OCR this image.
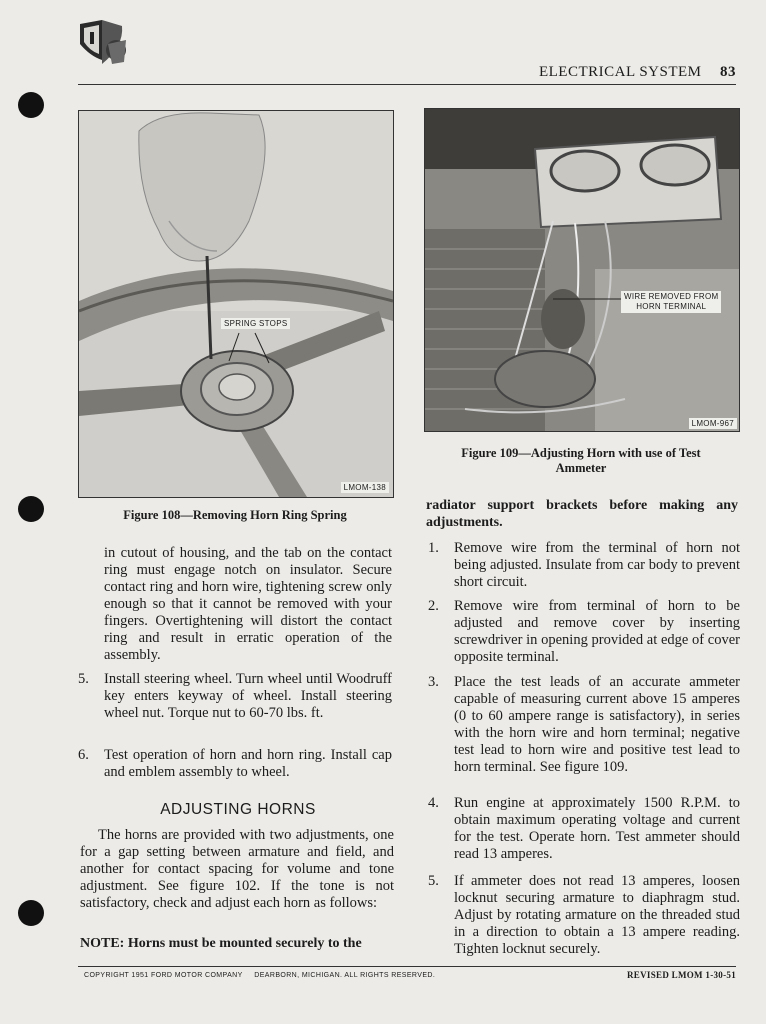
ELECTRICAL SYSTEM 83
SPRING STOPS
LMOM-138
Figure 108—Removing Horn Ring Spring
WIRE REMOVED FROM
HORN TERMINAL
LMOM-967
Figure 109—Adjusting Horn with use of Test
Ammeter
in cutout of housing, and the tab on the contact ring must engage notch on insulator. Secure contact ring and horn wire, tightening screw only enough so that it cannot be removed with your fingers. Overtightening will distort the contact ring and result in erratic operation of the assembly.
5. Install steering wheel. Turn wheel until Woodruff key enters keyway of wheel. Install steering wheel nut. Torque nut to 60-70 lbs. ft.
6. Test operation of horn and horn ring. Install cap and emblem assembly to wheel.
ADJUSTING HORNS
The horns are provided with two adjustments, one for a gap setting between armature and field, and another for contact spacing for volume and tone adjustment. See figure 102. If the tone is not satisfactory, check and adjust each horn as follows:
NOTE: Horns must be mounted securely to the
radiator support brackets before making any adjustments.
1. Remove wire from the terminal of horn not being adjusted. Insulate from car body to prevent short circuit.
2. Remove wire from terminal of horn to be adjusted and remove cover by inserting screwdriver in opening provided at edge of cover opposite terminal.
3. Place the test leads of an accurate ammeter capable of measuring current above 15 amperes (0 to 60 ampere range is satisfactory), in series with the horn wire and horn terminal; negative test lead to horn wire and positive test lead to horn terminal. See figure 109.
4. Run engine at approximately 1500 R.P.M. to obtain maximum operating voltage and current for the test. Operate horn. Test ammeter should read 13 amperes.
5. If ammeter does not read 13 amperes, loosen locknut securing armature to diaphragm stud. Adjust by rotating armature on the threaded stud in a direction to obtain a 13 ampere reading. Tighten locknut securely.
COPYRIGHT 1951 FORD MOTOR COMPANY     DEARBORN, MICHIGAN. ALL RIGHTS RESERVED.	REVISED LMOM 1-30-51
